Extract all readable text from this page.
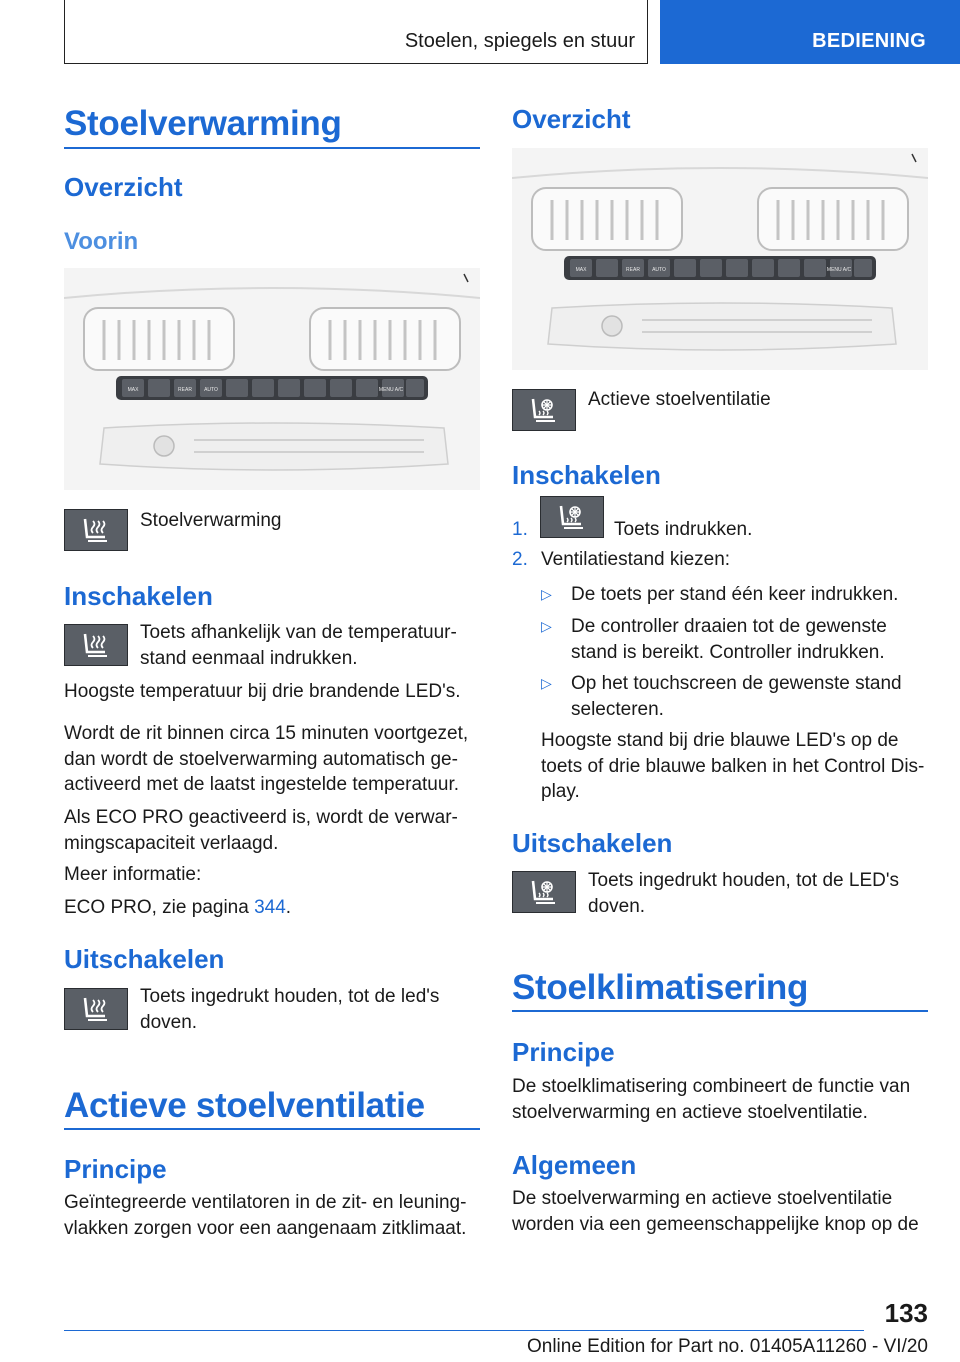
Stoelen, spiegels en stuur	BEDIENING
Stoelverwarming
Overzicht
Voorin
MAX	REAR AUTO	MENU A/C

Stoelverwarming

Inschakelen

Toets afhankelijk van de temperatuur-stand eenmaal indrukken.

Hoogste temperatuur bij drie brandende LED's.

Wordt de rit binnen circa 15 minuten voortgezet, dan wordt de stoelverwarming automatisch ge-activeerd met de laatst ingestelde temperatuur.

Als ECO PRO geactiveerd is, wordt de verwar-mingscapaciteit verlaagd.

Meer informatie:

ECO PRO, zie pagina 344.

Uitschakelen

Toets ingedrukt houden, tot de led's doven.

Actieve stoelventilatie
Principe

Geïntegreerde ventilatoren in de zit- en leuning-vlakken zorgen voor een aangenaam zitklimaat.

Overzicht
MAX	REAR AUTO	MENU A/C

Actieve stoelventilatie

Inschakelen
1.	Toets indrukken.

2. Ventilatiestand kiezen:

▷ De toets per stand één keer indrukken.

▷ De controller draaien tot de gewenste stand is bereikt. Controller indrukken.

▷ Op het touchscreen de gewenste stand selecteren.

Hoogste stand bij drie blauwe LED's op de toets of drie blauwe balken in het Control Dis-play.

Uitschakelen

Toets ingedrukt houden, tot de LED's doven.

Stoelklimatisering
Principe

De stoelklimatisering combineert de functie van stoelverwarming en actieve stoelventilatie.

Algemeen

De stoelverwarming en actieve stoelventilatie worden via een gemeenschappelijke knop op de

133
Online Edition for Part no. 01405A11260 - VI/20
